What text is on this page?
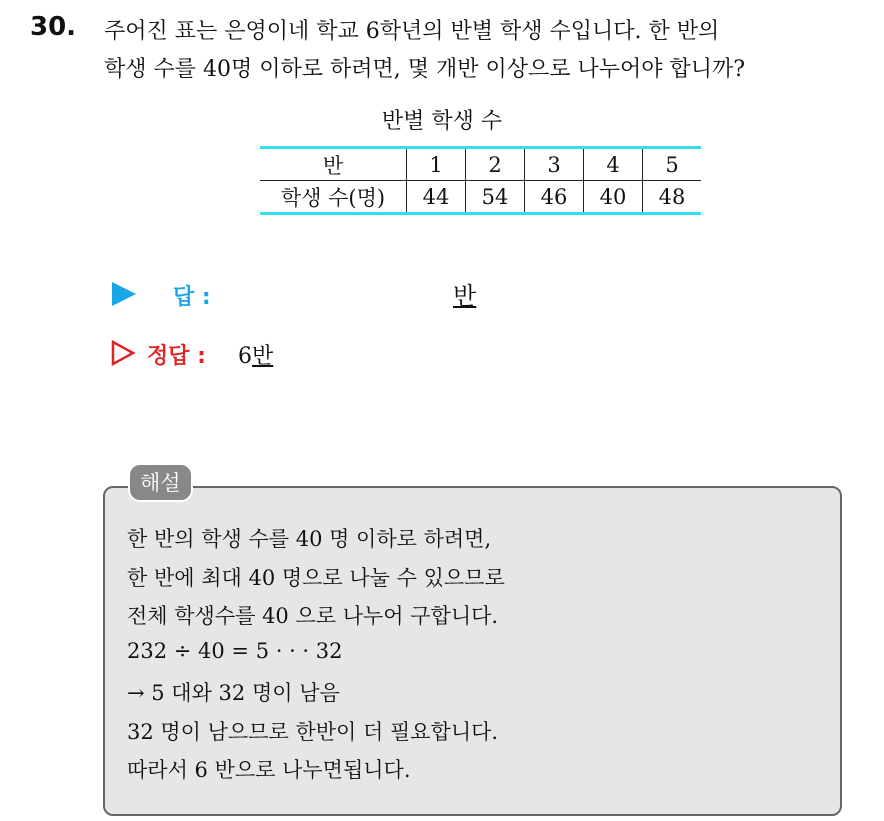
30. 주어진 표는 은영이네 학교 6학년의 반별 학생 수입니다. 한 반의
학생 수를 40명 이하로 하려면, 몇 개반 이상으로 나누어야 합니까?
반별 학생 수
반	1	2	3	4	5
학생 수(명)	44	54	46	40	48
답 :	반
정답 : 6반
해설
한 반의 학생 수를 40 명 이하로 하려면,
한 반에 최대 40 명으로 나눌 수 있으므로
전체 학생수를 40 으로 나누어 구합니다.
232 ÷ 40 = 5 · · · 32
→ 5 대와 32 명이 남음
32 명이 남으므로 한반이 더 필요합니다.
따라서 6 반으로 나누면됩니다.
